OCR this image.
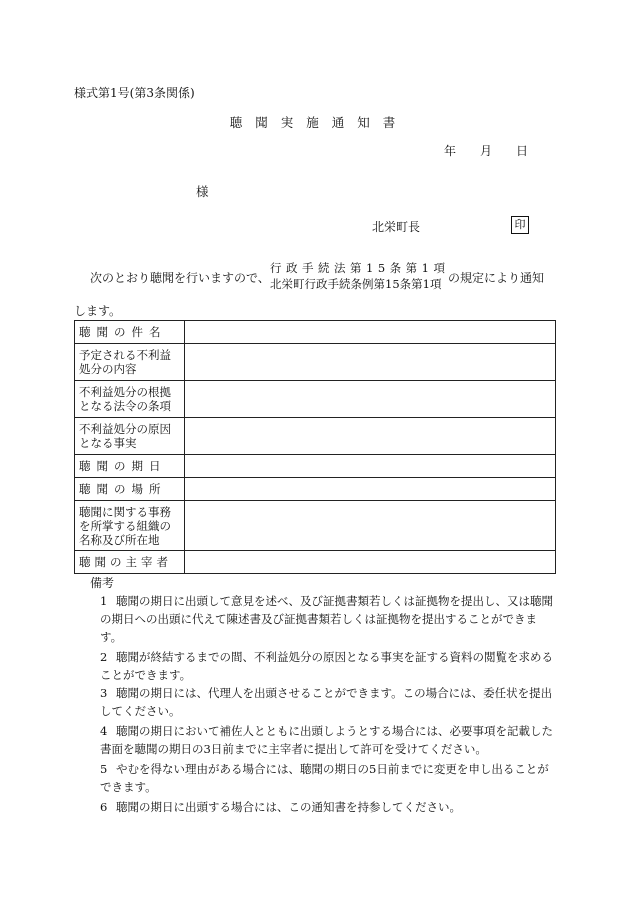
様式第1号(第3条関係)
聴聞実施通知書
年 月 日
様
北栄町長	印
次のとおり聴聞を行いますので、
行政手続法第15条第1項
北栄町行政手続条例第15条第1項 の規定により通知
します。
聴聞の件名	
予定される不利益処分の内容	
不利益処分の根拠となる法令の条項	
不利益処分の原因となる事実	
聴聞の期日	
聴聞の場所	
聴聞に関する事務を所掌する組織の名称及び所在地	
聴聞の主宰者	
備考
1 聴聞の期日に出頭して意見を述べ、及び証拠書類若しくは証拠物を提出し、又は聴聞の期日への出頭に代えて陳述書及び証拠書類若しくは証拠物を提出することができます。
2 聴聞が終結するまでの間、不利益処分の原因となる事実を証する資料の閲覧を求めることができます。
3 聴聞の期日には、代理人を出頭させることができます。この場合には、委任状を提出してください。
4 聴聞の期日において補佐人とともに出頭しようとする場合には、必要事項を記載した書面を聴聞の期日の3日前までに主宰者に提出して許可を受けてください。
5 やむを得ない理由がある場合には、聴聞の期日の5日前までに変更を申し出ることができます。
6 聴聞の期日に出頭する場合には、この通知書を持参してください。
